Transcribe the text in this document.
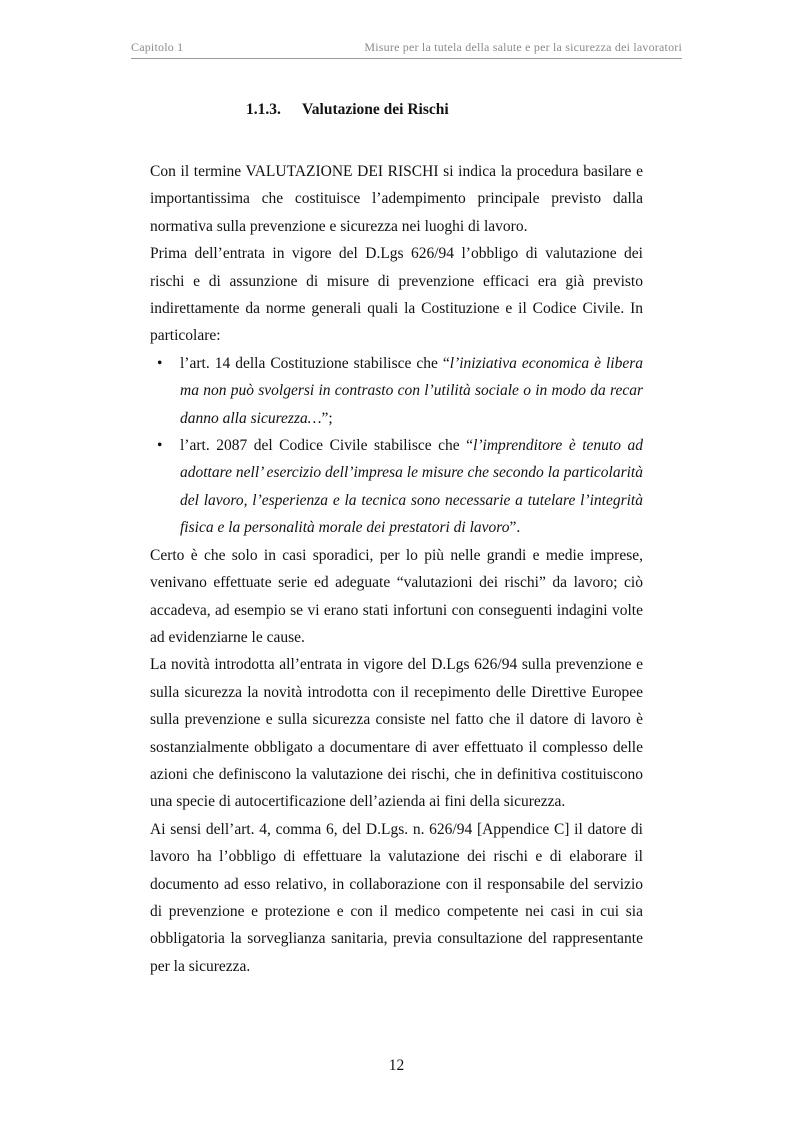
Capitolo 1	Misure per la tutela della salute e per la sicurezza dei lavoratori
1.1.3. Valutazione dei Rischi

Con il termine VALUTAZIONE DEI RISCHI si indica la procedura basilare e importantissima che costituisce l’adempimento principale previsto dalla normativa sulla prevenzione e sicurezza nei luoghi di lavoro.

Prima dell’entrata in vigore del D.Lgs 626/94 l’obbligo di valutazione dei rischi e di assunzione di misure di prevenzione efficaci era già previsto indirettamente da norme generali quali la Costituzione e il Codice Civile. In particolare:

• l’art. 14 della Costituzione stabilisce che “l’iniziativa economica è libera ma non può svolgersi in contrasto con l’utilità sociale o in modo da recar danno alla sicurezza…”;
• l’art. 2087 del Codice Civile stabilisce che “l’imprenditore è tenuto ad adottare nell’ esercizio dell’impresa le misure che secondo la particolarità del lavoro, l’esperienza e la tecnica sono necessarie a tutelare l’integrità fisica e la personalità morale dei prestatori di lavoro”.

Certo è che solo in casi sporadici, per lo più nelle grandi e medie imprese, venivano effettuate serie ed adeguate “valutazioni dei rischi” da lavoro; ciò accadeva, ad esempio se vi erano stati infortuni con conseguenti indagini volte ad evidenziarne le cause.

La novità introdotta all’entrata in vigore del D.Lgs 626/94 sulla prevenzione e sulla sicurezza la novità introdotta con il recepimento delle Direttive Europee sulla prevenzione e sulla sicurezza consiste nel fatto che il datore di lavoro è sostanzialmente obbligato a documentare di aver effettuato il complesso delle azioni che definiscono la valutazione dei rischi, che in definitiva costituiscono una specie di autocertificazione dell’azienda ai fini della sicurezza.

Ai sensi dell’art. 4, comma 6, del D.Lgs. n. 626/94 [Appendice C] il datore di lavoro ha l’obbligo di effettuare la valutazione dei rischi e di elaborare il documento ad esso relativo, in collaborazione con il responsabile del servizio di prevenzione e protezione e con il medico competente nei casi in cui sia obbligatoria la sorveglianza sanitaria, previa consultazione del rappresentante per la sicurezza.

12
